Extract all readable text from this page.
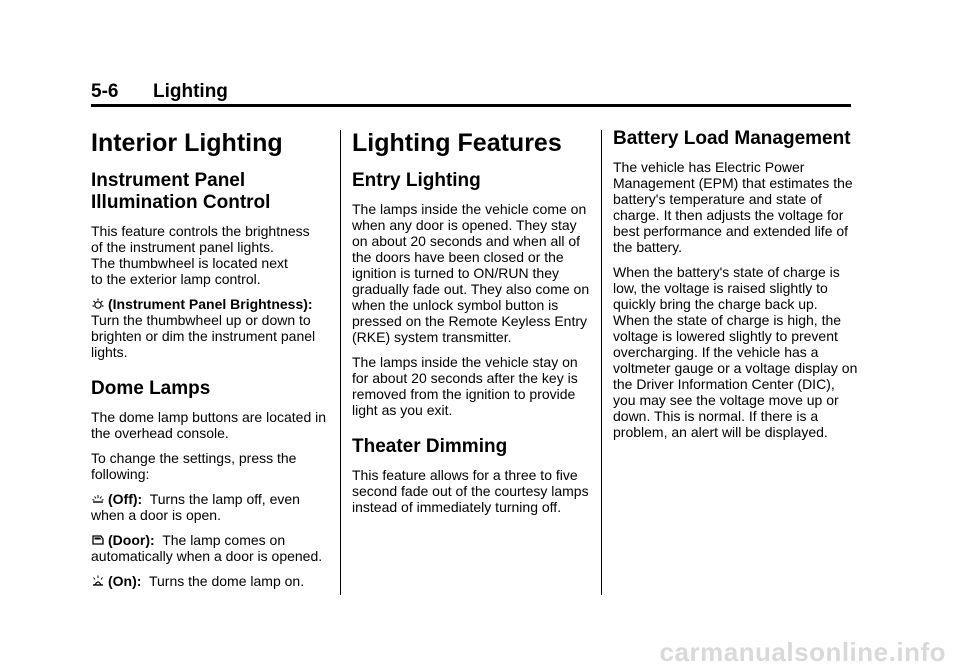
5-6 Lighting
Interior Lighting
Instrument Panel Illumination Control

This feature controls the brightness
of the instrument panel lights.
The thumbwheel is located next
to the exterior lamp control.

(Instrument Panel Brightness):  Turn the thumbwheel up or down to brighten or dim the instrument panel lights.

Dome Lamps

The dome lamp buttons are located in the overhead console.

To change the settings, press the following:

(Off): Turns the lamp off, even when a door is open.

(Door): The lamp comes on automatically when a door is opened.

(On): Turns the dome lamp on.

Lighting Features
Entry Lighting

The lamps inside the vehicle come on when any door is opened. They stay on about 20 seconds and when all of the doors have been closed or the ignition is turned to ON/RUN they gradually fade out. They also come on when the unlock symbol button is pressed on the Remote Keyless Entry (RKE) system transmitter.

The lamps inside the vehicle stay on for about 20 seconds after the key is removed from the ignition to provide light as you exit.

Theater Dimming

This feature allows for a three to five second fade out of the courtesy lamps instead of immediately turning off.

Battery Load Management

The vehicle has Electric Power Management (EPM) that estimates the battery's temperature and state of charge. It then adjusts the voltage for best performance and extended life of the battery.

When the battery's state of charge is low, the voltage is raised slightly to quickly bring the charge back up. When the state of charge is high, the voltage is lowered slightly to prevent overcharging. If the vehicle has a voltmeter gauge or a voltage display on the Driver Information Center (DIC), you may see the voltage move up or down. This is normal. If there is a problem, an alert will be displayed.

carmanualsonline.info
